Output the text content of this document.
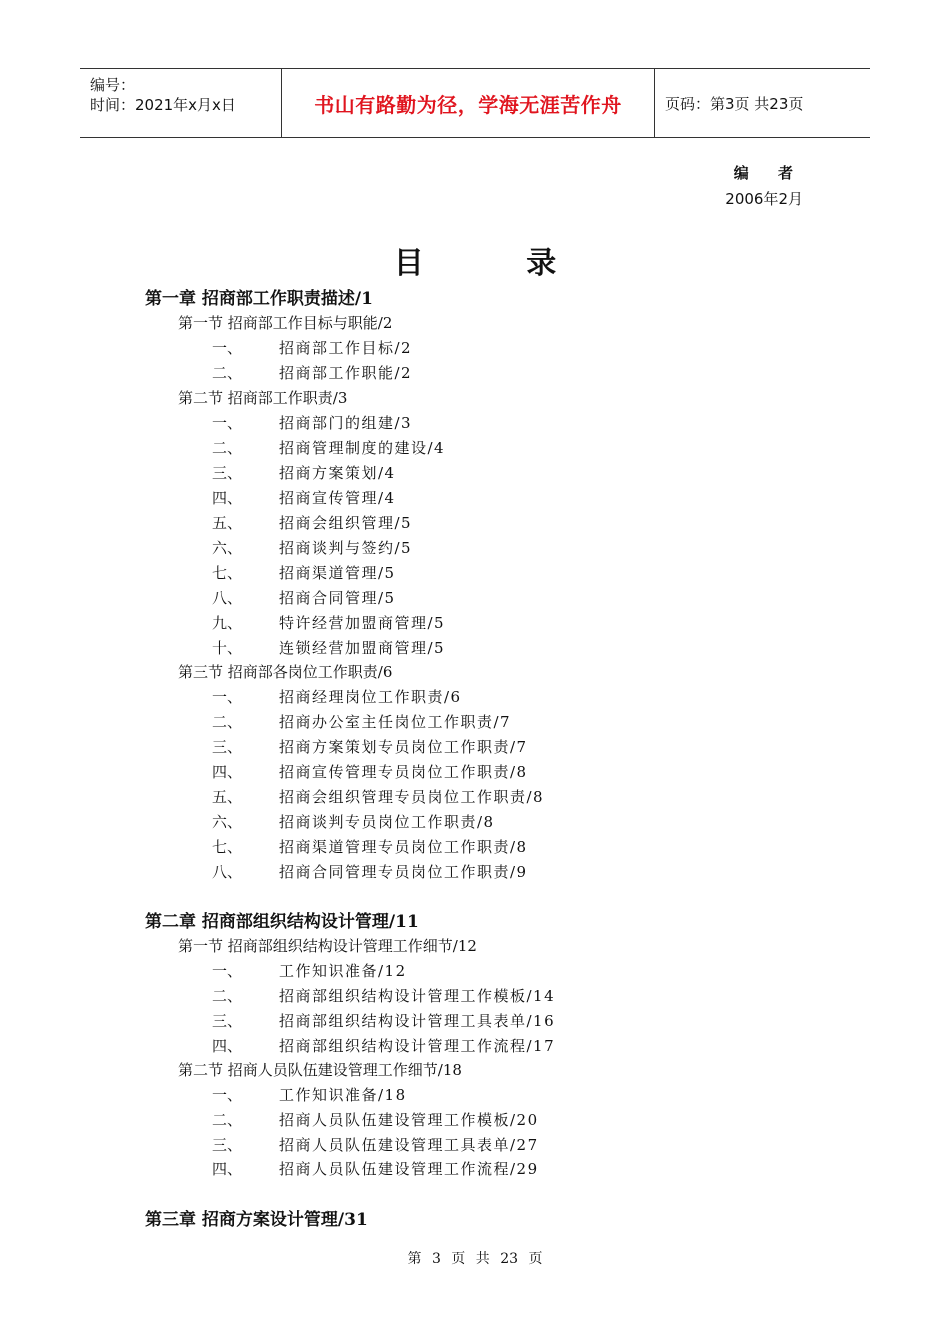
编号：
时间：2021年x月x日	书山有路勤为径，学海无涯苦作舟	页码：第3页 共23页
编 者
2006年2月
目 录
第一章 招商部工作职责描述/1
第一节 招商部工作目标与职能/2
一、 招商部工作目标/2
二、 招商部工作职能/2
第二节 招商部工作职责/3
一、 招商部门的组建/3
二、 招商管理制度的建设/4
三、 招商方案策划/4
四、 招商宣传管理/4
五、 招商会组织管理/5
六、 招商谈判与签约/5
七、 招商渠道管理/5
八、 招商合同管理/5
九、 特许经营加盟商管理/5
十、 连锁经营加盟商管理/5
第三节 招商部各岗位工作职责/6
一、 招商经理岗位工作职责/6
二、 招商办公室主任岗位工作职责/7
三、 招商方案策划专员岗位工作职责/7
四、 招商宣传管理专员岗位工作职责/8
五、 招商会组织管理专员岗位工作职责/8
六、 招商谈判专员岗位工作职责/8
七、 招商渠道管理专员岗位工作职责/8
八、 招商合同管理专员岗位工作职责/9
第二章 招商部组织结构设计管理/11
第一节 招商部组织结构设计管理工作细节/12
一、 工作知识准备/12
二、 招商部组织结构设计管理工作模板/14
三、 招商部组织结构设计管理工具表单/16
四、 招商部组织结构设计管理工作流程/17
第二节 招商人员队伍建设管理工作细节/18
一、 工作知识准备/18
二、 招商人员队伍建设管理工作模板/20
三、 招商人员队伍建设管理工具表单/27
四、 招商人员队伍建设管理工作流程/29
第三章 招商方案设计管理/31
第 3 页 共 23 页
